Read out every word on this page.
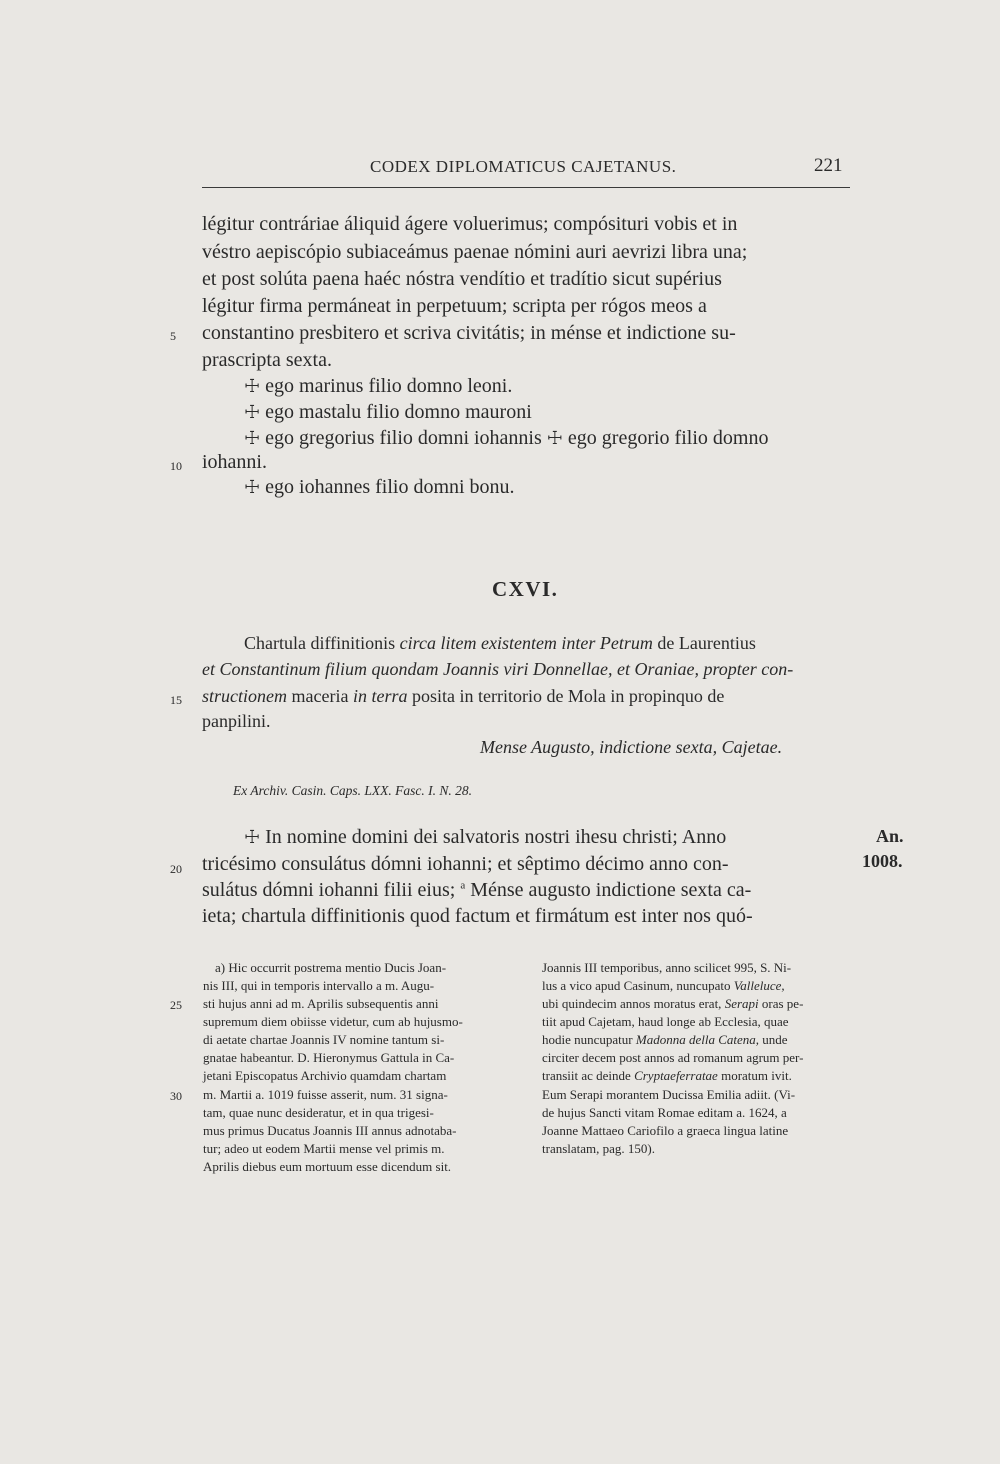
CODEX DIPLOMATICUS CAJETANUS.	221
légitur contráriae áliquid ágere voluerimus; compósituri vobis et in
véstro aepiscópio subiaceámus paenae nómini auri aevrizi libra una;
et post solúta paena haéc nóstra vendítio et tradítio sicut supérius
légitur firma permáneat in perpetuum; scripta per rógos meos a
constantino presbitero et scriva civitátis; in ménse et indictione su-
5
prascripta sexta.
☩ ego marinus filio domno leoni.
☩ ego mastalu filio domno mauroni
☩ ego gregorius filio domni iohannis ☩ ego gregorio filio domno
10 iohanni.
☩ ego iohannes filio domni bonu.
CXVI.
Chartula diffinitionis circa litem existentem inter Petrum de Laurentius
et Constantinum filium quondam Joannis viri Donnellae, et Oraniae, propter con-
15 structionem maceria in terra posita in territorio de Mola in propinquo de
panpilini.
Mense Augusto, indictione sexta, Cajetae.
Ex Archiv. Casin. Caps. LXX. Fasc. I. N. 28.
☩ In nomine domini dei salvatoris nostri ihesu christi; Anno
20 tricésimo consulátus dómni iohanni; et sêptimo décimo anno con-
sulátus dómni iohanni filii eius; $^a$ Ménse augusto indictione sexta ca-
ieta; chartula diffinitionis quod factum et firmátum est inter nos quó-
An.
1008.
25
30
a) Hic occurrit postrema mentio Ducis Joan-
nis III, qui in temporis intervallo a m. Augu-
sti hujus anni ad m. Aprilis subsequentis anni
supremum diem obiisse videtur, cum ab hujusmo-
di aetate chartae Joannis IV nomine tantum si-
gnatae habeantur. D. Hieronymus Gattula in Ca-
jetani Episcopatus Archivio quamdam chartam
m. Martii a. 1019 fuisse asserit, num. 31 signa-
tam, quae nunc desideratur, et in qua trigesi-
mus primus Ducatus Joannis III annus adnotaba-
tur; adeo ut eodem Martii mense vel primis m.
Aprilis diebus eum mortuum esse dicendum sit.
Joannis III temporibus, anno scilicet 995, S. Ni-
lus a vico apud Casinum, nuncupato Valleluce,
ubi quindecim annos moratus erat, Serapi oras pe-
tiit apud Cajetam, haud longe ab Ecclesia, quae
hodie nuncupatur Madonna della Catena, unde
circiter decem post annos ad romanum agrum per-
transiit ac deinde Cryptaeferratae moratum ivit.
Eum Serapi morantem Ducissa Emilia adiit. (Vi-
de hujus Sancti vitam Romae editam a. 1624, a
Joanne Mattaeo Cariofilo a graeca lingua latine
translatam, pag. 150).
